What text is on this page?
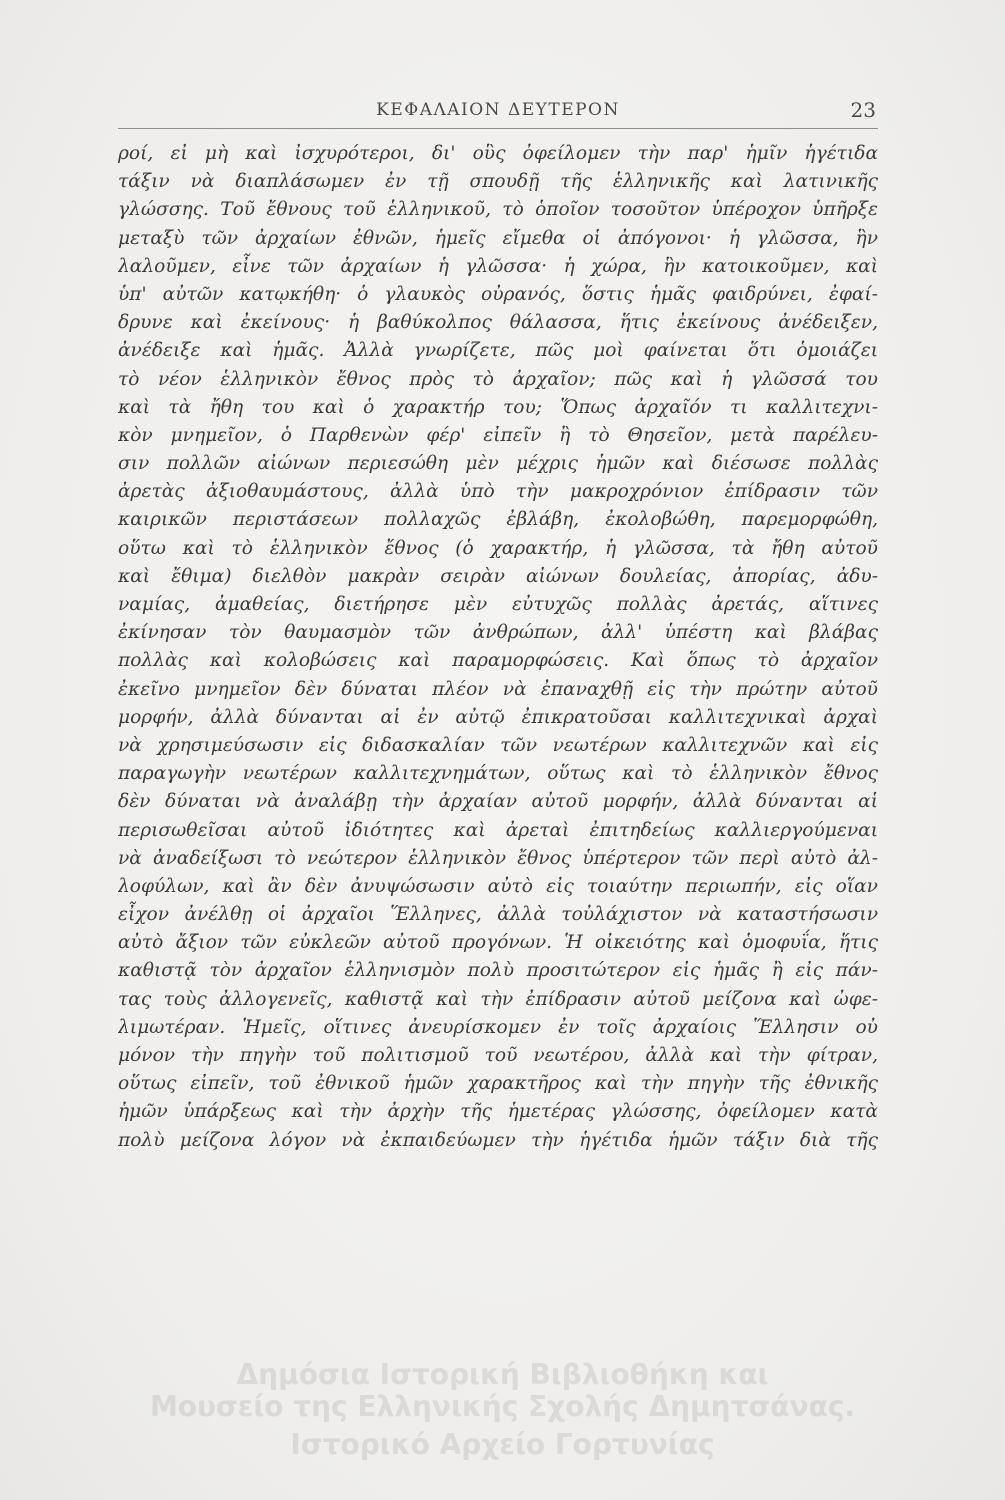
ΚΕΦΑΛΑΙΟΝ ΔΕΥΤΕΡΟΝ	23
ροί, εἰ μὴ καὶ ἰσχυρότεροι, δι' οὓς ὀφείλομεν τὴν παρ' ἡμῖν ἡγέτιδα
τάξιν νὰ διαπλάσωμεν ἐν τῇ σπουδῇ τῆς ἑλληνικῆς καὶ λατινικῆς
γλώσσης. Τοῦ ἔθνους τοῦ ἑλληνικοῦ, τὸ ὁποῖον τοσοῦτον ὑπέροχον ὑπῆρξε
μεταξὺ τῶν ἀρχαίων ἐθνῶν, ἡμεῖς εἴμεθα οἱ ἀπόγονοι· ἡ γλῶσσα, ἣν
λαλοῦμεν, εἶνε τῶν ἀρχαίων ἡ γλῶσσα· ἡ χώρα, ἣν κατοικοῦμεν, καὶ
ὑπ' αὐτῶν κατῳκήθη· ὁ γλαυκὸς οὐρανός, ὅστις ἡμᾶς φαιδρύνει, ἐφαί-
δρυνε καὶ ἐκείνους· ἡ βαθύκολπος θάλασσα, ἥτις ἐκείνους ἀνέδειξεν,
ἀνέδειξε καὶ ἡμᾶς. Ἀλλὰ γνωρίζετε, πῶς μοὶ φαίνεται ὅτι ὁμοιάζει
τὸ νέον ἑλληνικὸν ἔθνος πρὸς τὸ ἀρχαῖον; πῶς καὶ ἡ γλῶσσά του
καὶ τὰ ἤθη του καὶ ὁ χαρακτήρ του; Ὅπως ἀρχαῖόν τι καλλιτεχνι-
κὸν μνημεῖον, ὁ Παρθενὼν φέρ' εἰπεῖν ἢ τὸ Θησεῖον, μετὰ παρέλευ-
σιν πολλῶν αἰώνων περιεσώθη μὲν μέχρις ἡμῶν καὶ διέσωσε πολλὰς
ἀρετὰς ἀξιοθαυμάστους, ἀλλὰ ὑπὸ τὴν μακροχρόνιον ἐπίδρασιν τῶν
καιρικῶν περιστάσεων πολλαχῶς ἐβλάβη, ἐκολοβώθη, παρεμορφώθη,
οὕτω καὶ τὸ ἑλληνικὸν ἔθνος (ὁ χαρακτήρ, ἡ γλῶσσα, τὰ ἤθη αὐτοῦ
καὶ ἔθιμα) διελθὸν μακρὰν σειρὰν αἰώνων δουλείας, ἀπορίας, ἀδυ-
ναμίας, ἀμαθείας, διετήρησε μὲν εὐτυχῶς πολλὰς ἀρετάς, αἵτινες
ἐκίνησαν τὸν θαυμασμὸν τῶν ἀνθρώπων, ἀλλ' ὑπέστη καὶ βλάβας
πολλὰς καὶ κολοβώσεις καὶ παραμορφώσεις. Καὶ ὅπως τὸ ἀρχαῖον
ἐκεῖνο μνημεῖον δὲν δύναται πλέον νὰ ἐπαναχθῇ εἰς τὴν πρώτην αὐτοῦ
μορφήν, ἀλλὰ δύνανται αἱ ἐν αὐτῷ ἐπικρατοῦσαι καλλιτεχνικαὶ ἀρχαὶ
νὰ χρησιμεύσωσιν εἰς διδασκαλίαν τῶν νεωτέρων καλλιτεχνῶν καὶ εἰς
παραγωγὴν νεωτέρων καλλιτεχνημάτων, οὕτως καὶ τὸ ἑλληνικὸν ἔθνος
δὲν δύναται νὰ ἀναλάβῃ τὴν ἀρχαίαν αὐτοῦ μορφήν, ἀλλὰ δύνανται αἱ
περισωθεῖσαι αὐτοῦ ἰδιότητες καὶ ἀρεταὶ ἐπιτηδείως καλλιεργούμεναι
νὰ ἀναδείξωσι τὸ νεώτερον ἑλληνικὸν ἔθνος ὑπέρτερον τῶν περὶ αὐτὸ ἀλ-
λοφύλων, καὶ ἂν δὲν ἀνυψώσωσιν αὐτὸ εἰς τοιαύτην περιωπήν, εἰς οἵαν
εἶχον ἀνέλθῃ οἱ ἀρχαῖοι Ἕλληνες, ἀλλὰ τοὐλάχιστον νὰ καταστήσωσιν
αὐτὸ ἄξιον τῶν εὐκλεῶν αὐτοῦ προγόνων. Ἡ οἰκειότης καὶ ὁμοφυΐα, ἥτις
καθιστᾷ τὸν ἀρχαῖον ἑλληνισμὸν πολὺ προσιτώτερον εἰς ἡμᾶς ἢ εἰς πάν-
τας τοὺς ἀλλογενεῖς, καθιστᾷ καὶ τὴν ἐπίδρασιν αὐτοῦ μείζονα καὶ ὠφε-
λιμωτέραν. Ἡμεῖς, οἵτινες ἀνευρίσκομεν ἐν τοῖς ἀρχαίοις Ἕλλησιν οὐ
μόνον τὴν πηγὴν τοῦ πολιτισμοῦ τοῦ νεωτέρου, ἀλλὰ καὶ τὴν φίτραν,
οὕτως εἰπεῖν, τοῦ ἐθνικοῦ ἡμῶν χαρακτῆρος καὶ τὴν πηγὴν τῆς ἐθνικῆς
ἡμῶν ὑπάρξεως καὶ τὴν ἀρχὴν τῆς ἡμετέρας γλώσσης, ὀφείλομεν κατὰ
πολὺ μείζονα λόγον νὰ ἐκπαιδεύωμεν τὴν ἡγέτιδα ἡμῶν τάξιν διὰ τῆς
Δημόσια Ιστορική Βιβλιοθήκη και
Μουσείο της Ελληνικής Σχολής Δημητσάνας.
Ιστορικό Αρχείο Γορτυνίας
